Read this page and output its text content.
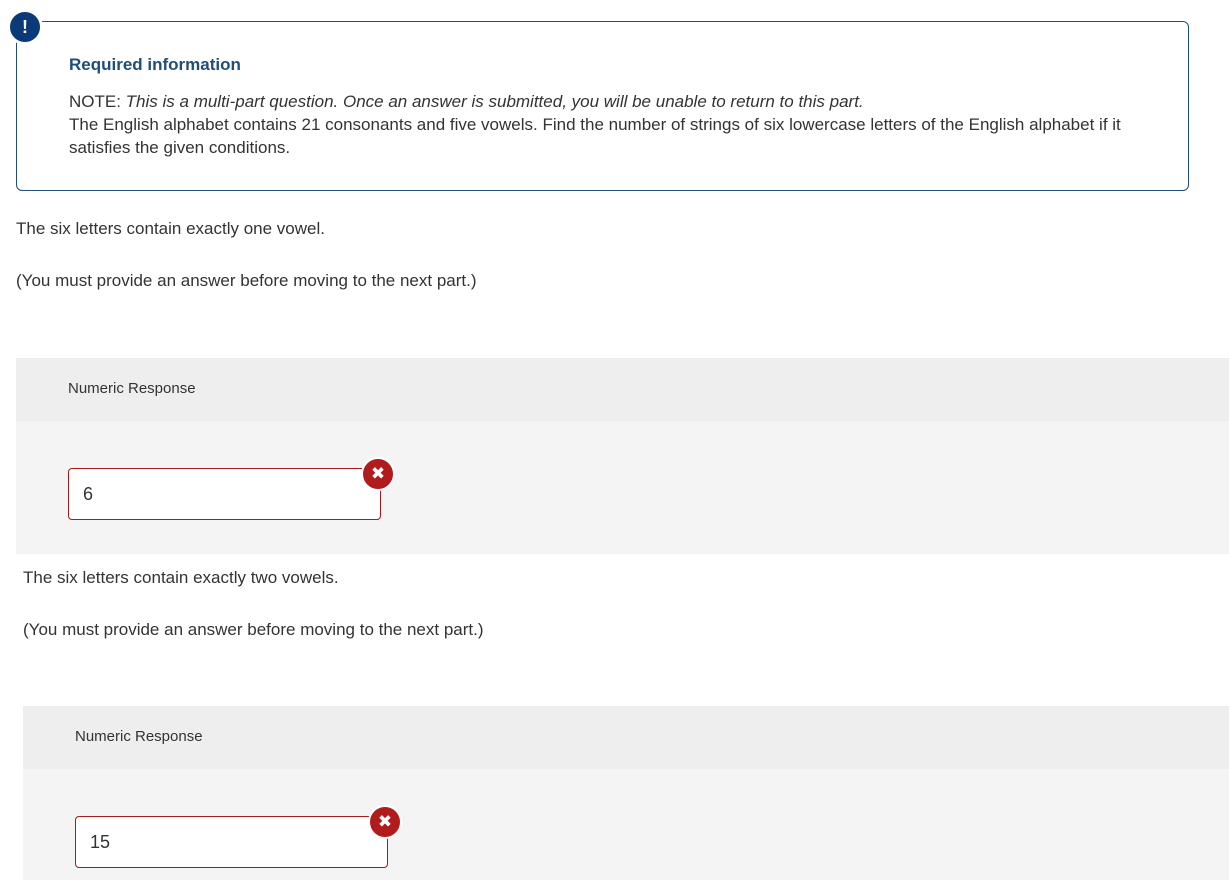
!
Required information
NOTE: This is a multi-part question. Once an answer is submitted, you will be unable to return to this part.
The English alphabet contains 21 consonants and five vowels. Find the number of strings of six lowercase letters of the English alphabet if it satisfies the given conditions.
The six letters contain exactly one vowel.
(You must provide an answer before moving to the next part.)
Numeric Response
6
✖
The six letters contain exactly two vowels.
(You must provide an answer before moving to the next part.)
Numeric Response
15
✖
